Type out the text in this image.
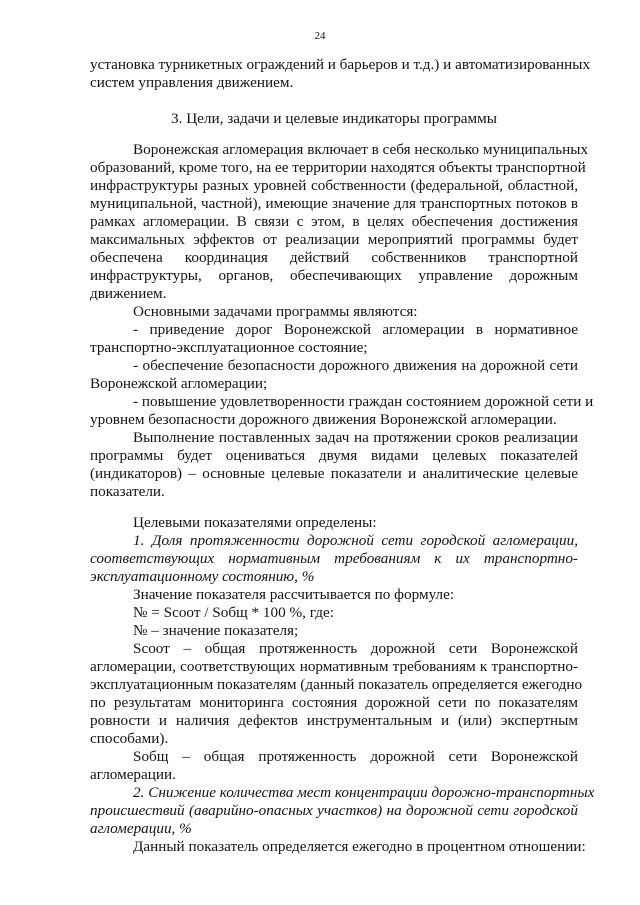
24
установка турникетных ограждений и барьеров и т.д.) и автоматизированных
систем управления движением.
3. Цели, задачи и целевые индикаторы программы
Воронежская агломерация включает в себя несколько муниципальных
образований, кроме того, на ее территории находятся объекты транспортной
инфраструктуры разных уровней собственности (федеральной, областной,
муниципальной, частной), имеющие значение для транспортных потоков в
рамках агломерации. В связи с этом, в целях обеспечения достижения
максимальных эффектов от реализации мероприятий программы будет
обеспечена координация действий собственников транспортной
инфраструктуры, органов, обеспечивающих управление дорожным
движением.
Основными задачами программы являются:
- приведение дорог Воронежской агломерации в нормативное
транспортно-эксплуатационное состояние;
- обеспечение безопасности дорожного движения на дорожной сети
Воронежской агломерации;
- повышение удовлетворенности граждан состоянием дорожной сети и
уровнем безопасности дорожного движения Воронежской агломерации.
Выполнение поставленных задач на протяжении сроков реализации
программы будет оцениваться двумя видами целевых показателей
(индикаторов) – основные целевые показатели и аналитические целевые
показатели.
Целевыми показателями определены:
1. Доля протяженности дорожной сети городской агломерации,
соответствующих нормативным требованиям к их транспортно-
эксплуатационному состоянию, %
Значение показателя рассчитывается по формуле:
№ = Sсоот / Sобщ * 100 %, где:
№ – значение показателя;
Sсоот – общая протяженность дорожной сети Воронежской
агломерации, соответствующих нормативным требованиям к транспортно-
эксплуатационным показателям (данный показатель определяется ежегодно
по результатам мониторинга состояния дорожной сети по показателям
ровности и наличия дефектов инструментальным и (или) экспертным
способами).
Sобщ – общая протяженность дорожной сети Воронежской
агломерации.
2. Снижение количества мест концентрации дорожно-транспортных
происшествий (аварийно-опасных участков) на дорожной сети городской
агломерации, %
Данный показатель определяется ежегодно в процентном отношении:
